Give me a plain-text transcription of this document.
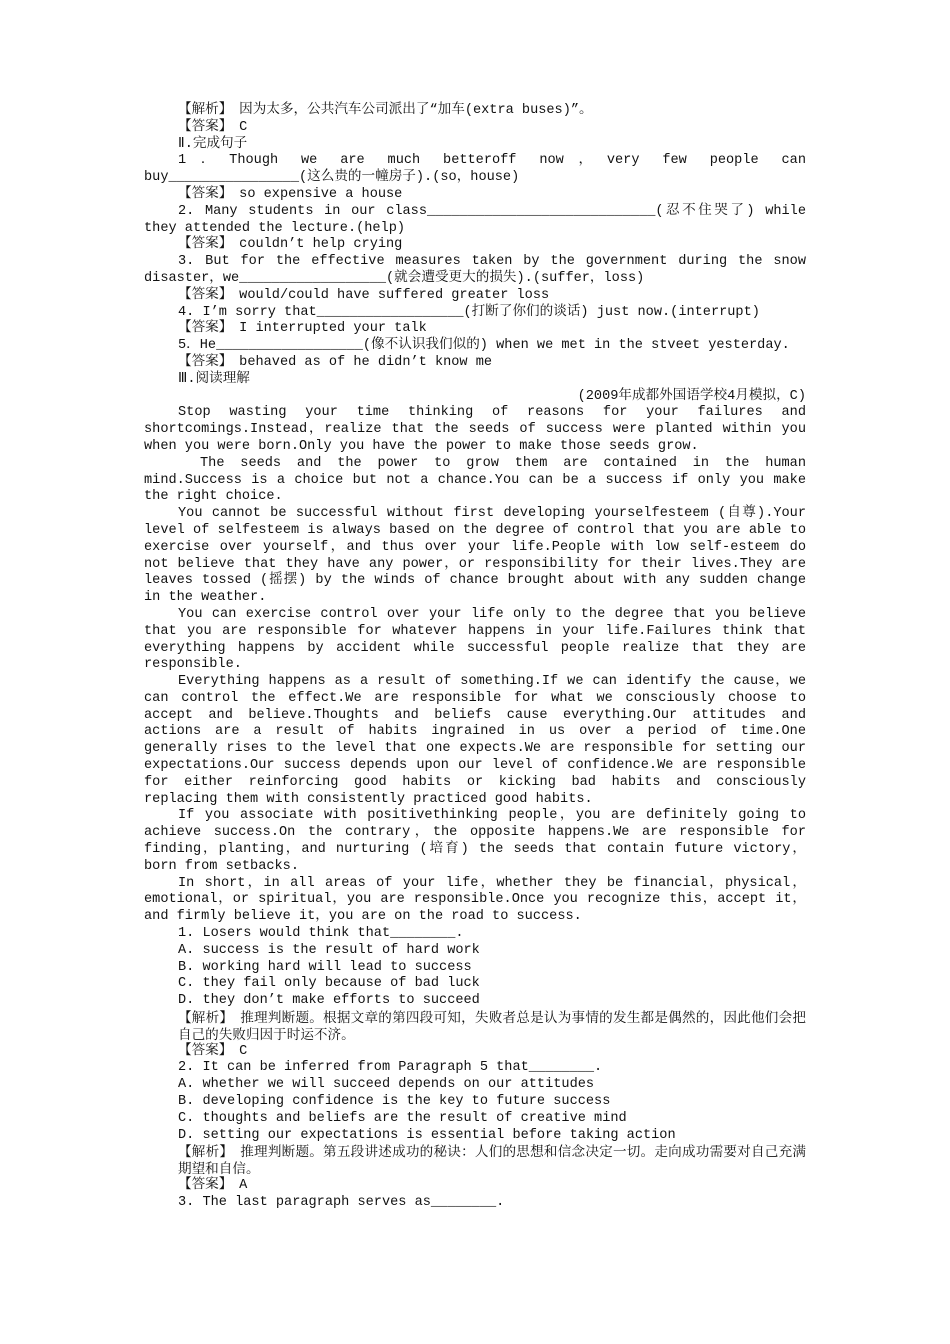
【解析】　因为太多，公共汽车公司派出了“加车(extra buses)”。

【答案】　C

Ⅱ.完成句子

1．Though we are much betteroff now，very few people can buy________________(这么贵的一幢房子).(so，house)

【答案】　so expensive a house

2. Many students in our class____________________________(忍不住哭了) while they attended the lecture.(help)

【答案】　couldn’t help crying

3. But for the effective measures taken by the government during the snow disaster，we__________________(就会遭受更大的损失).(suffer，loss)

【答案】　would/could have suffered greater loss

4. I’m sorry that__________________(打断了你们的谈话) just now.(interrupt)

【答案】　I interrupted your talk

5．He__________________(像不认识我们似的) when we met in the stveet yesterday.

【答案】　behaved as of he didn’t know me

Ⅲ.阅读理解

(2009年成都外国语学校4月模拟，C)

Stop wasting your time thinking of reasons for your failures and shortcomings.Instead，realize that the seeds of success were planted within you when you were born.Only you have the power to make those seeds grow.

The seeds and the power to grow them are contained in the human mind.Success is a choice but not a chance.You can be a success if only you make the right choice.

You cannot be successful without first developing yourselfesteem (自尊).Your level of selfesteem is always based on the degree of control that you are able to exercise over yourself，and thus over your life.People with low self-esteem do not believe that they have any power，or responsibility for their lives.They are leaves tossed (摇摆) by the winds of chance brought about with any sudden change in the weather.

You can exercise control over your life only to the degree that you believe that you are responsible for whatever happens in your life.Failures think that everything happens by accident while successful people realize that they are responsible.

Everything happens as a result of something.If we can identify the cause，we can control the effect.We are responsible for what we consciously choose to accept and believe.Thoughts and beliefs cause everything.Our attitudes and actions are a result of habits ingrained in us over a period of time.One generally rises to the level that one expects.We are responsible for setting our expectations.Our success depends upon our level of confidence.We are responsible for either reinforcing good habits or kicking bad habits and consciously replacing them with consistently practiced good habits.

If you associate with positivethinking people，you are definitely going to achieve success.On the contrary，the opposite happens.We are responsible for finding，planting，and nurturing (培育) the seeds that contain future victory，born from setbacks.

In short，in all areas of your life，whether they be financial，physical，emotional，or spiritual，you are responsible.Once you recognize this，accept it，and firmly believe it，you are on the road to success.

1. Losers would think that________.

A. success is the result of hard work

B. working hard will lead to success

C. they fail only because of bad luck

D. they don’t make efforts to succeed

【解析】　推理判断题。根据文章的第四段可知，失败者总是认为事情的发生都是偶然的，因此他们会把自己的失败归因于时运不济。

【答案】　C

2. It can be inferred from Paragraph 5 that________.

A. whether we will succeed depends on our attitudes

B. developing confidence is the key to future success

C. thoughts and beliefs are the result of creative mind

D. setting our expectations is essential before taking action

【解析】　推理判断题。第五段讲述成功的秘诀：人们的思想和信念决定一切。走向成功需要对自己充满期望和自信。

【答案】　A

3. The last paragraph serves as________.
